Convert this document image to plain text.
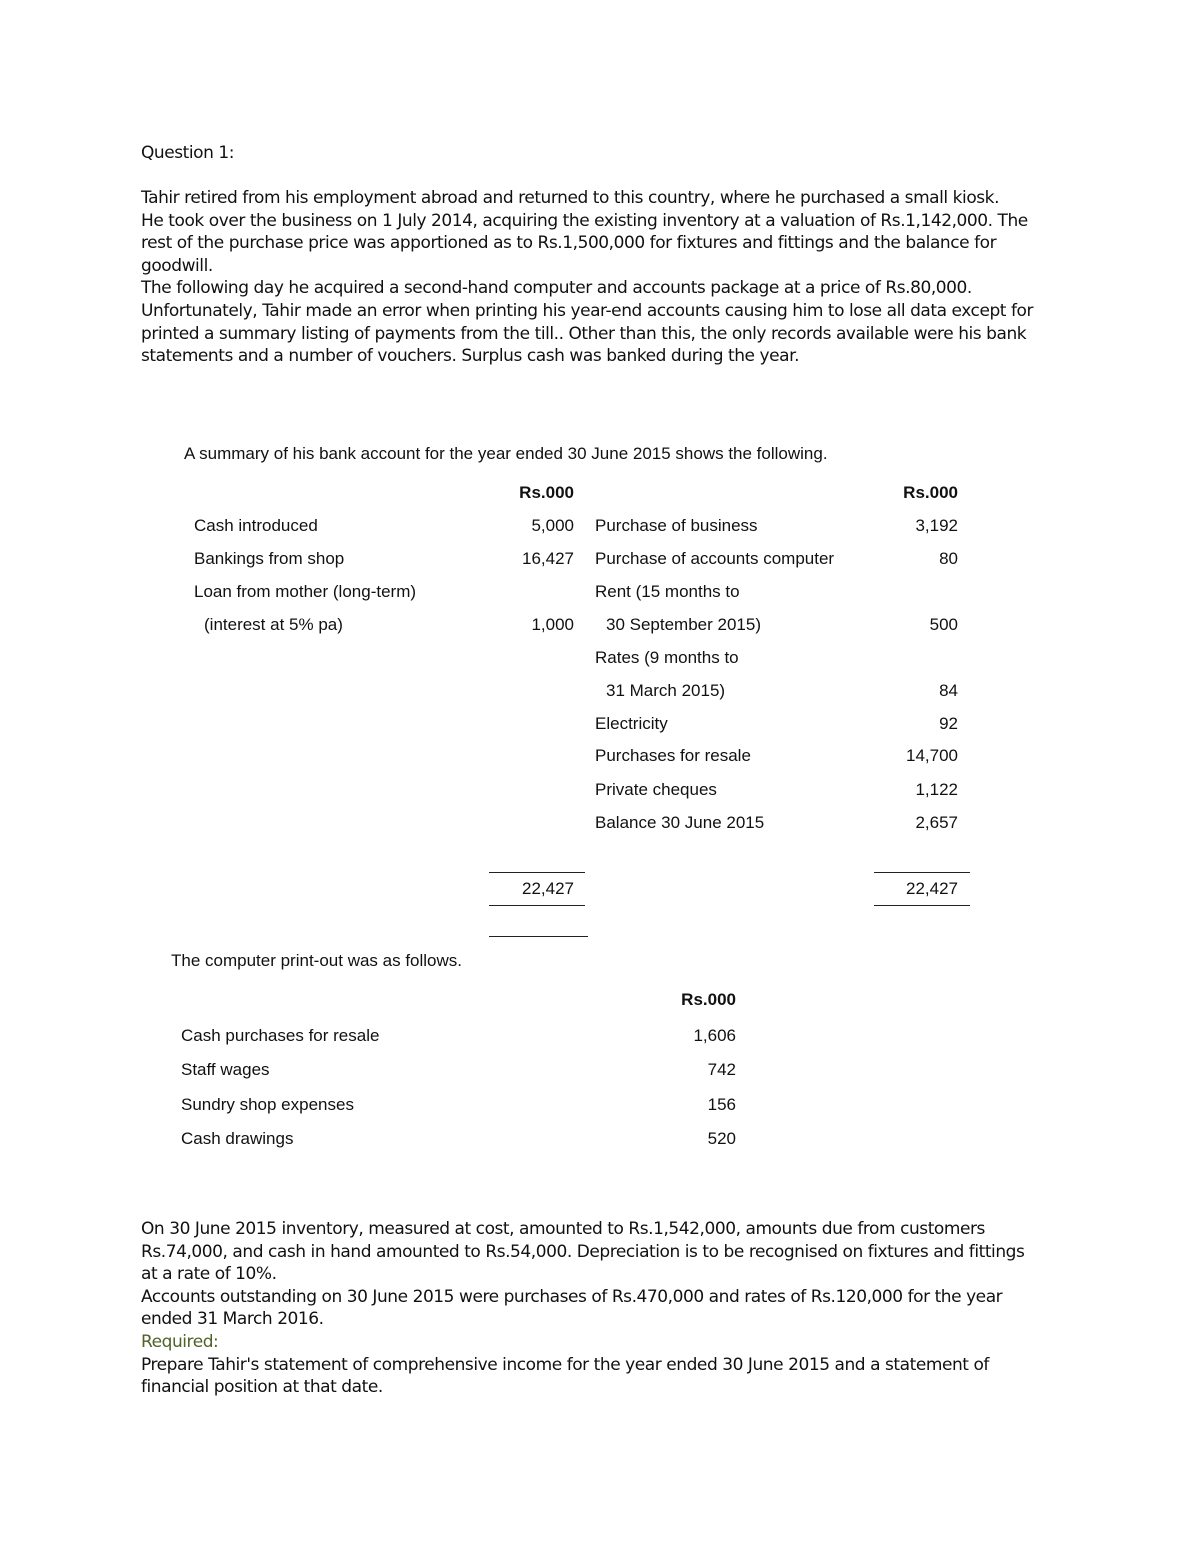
Question 1:

Tahir retired from his employment abroad and returned to this country, where he purchased a small kiosk.

He took over the business on 1 July 2014, acquiring the existing inventory at a valuation of Rs.1,142,000. The rest of the purchase price was apportioned as to Rs.1,500,000 for fixtures and fittings and the balance for goodwill.

The following day he acquired a second-hand computer and accounts package at a price of Rs.80,000. Unfortunately, Tahir made an error when printing his year-end accounts causing him to lose all data except for printed a summary listing of payments from the till.. Other than this, the only records available were his bank statements and a number of vouchers. Surplus cash was banked during the year.

A summary of his bank account for the year ended 30 June 2015 shows the following.
Rs.000	Rs.000
Cash introduced
Bankings from shop
Loan from mother (long-term)
(interest at 5% pa)
5,000
16,427
1,000
Purchase of business
Purchase of accounts computer
Rent (15 months to
30 September 2015)
Rates (9 months to
31 March 2015)
Electricity
Purchases for resale
Private cheques
Balance 30 June 2015
3,192
80
500
84
92
14,700
1,122
2,657
22,427	22,427
The computer print-out was as follows.
Rs.000
Cash purchases for resale
Staff wages
Sundry shop expenses
Cash drawings
1,606
742
156
520

On 30 June 2015 inventory, measured at cost, amounted to Rs.1,542,000, amounts due from customers Rs.74,000, and cash in hand amounted to Rs.54,000. Depreciation is to be recognised on fixtures and fittings at a rate of 10%.

Accounts outstanding on 30 June 2015 were purchases of Rs.470,000 and rates of Rs.120,000 for the year ended 31 March 2016.

Required:

Prepare Tahir's statement of comprehensive income for the year ended 30 June 2015 and a statement of financial position at that date.
